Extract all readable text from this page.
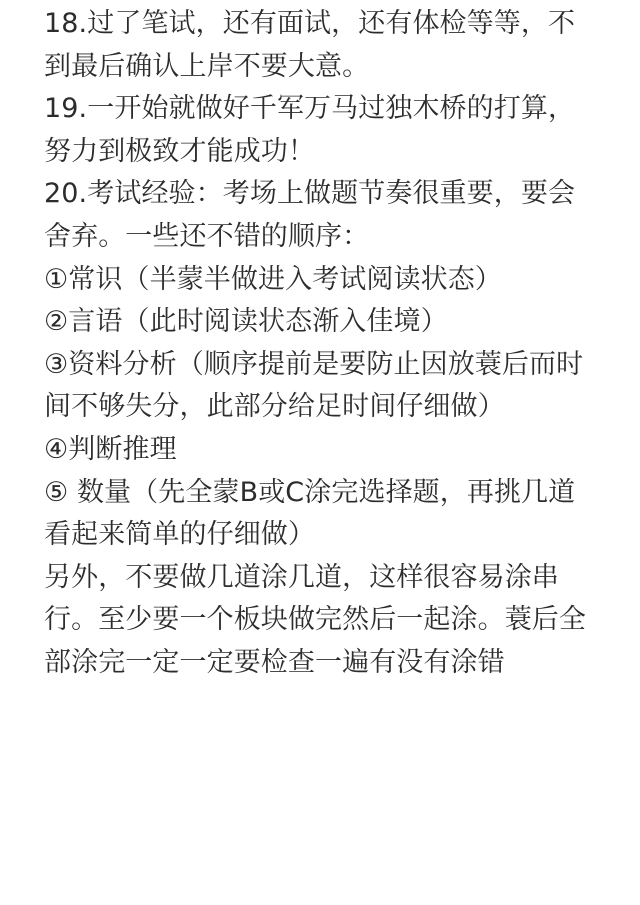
18.过了笔试，还有面试，还有体检等等，不到最后确认上岸不要大意。

19.一开始就做好千军万马过独木桥的打算，努力到极致才能成功！

20.考试经验：考场上做题节奏很重要，要会舍弃。一些还不错的顺序：

①常识（半蒙半做进入考试阅读状态）

②言语（此时阅读状态渐入佳境）

③资料分析（顺序提前是要防止因放蓑后而时间不够失分，此部分给足时间仔细做）

④判断推理

⑤ 数量（先全蒙B或C涂完选择题，再挑几道看起来简单的仔细做）

另外，不要做几道涂几道，这样很容易涂串行。至少要一个板块做完然后一起涂。蓑后全部涂完一定一定要检查一遍有没有涂错
